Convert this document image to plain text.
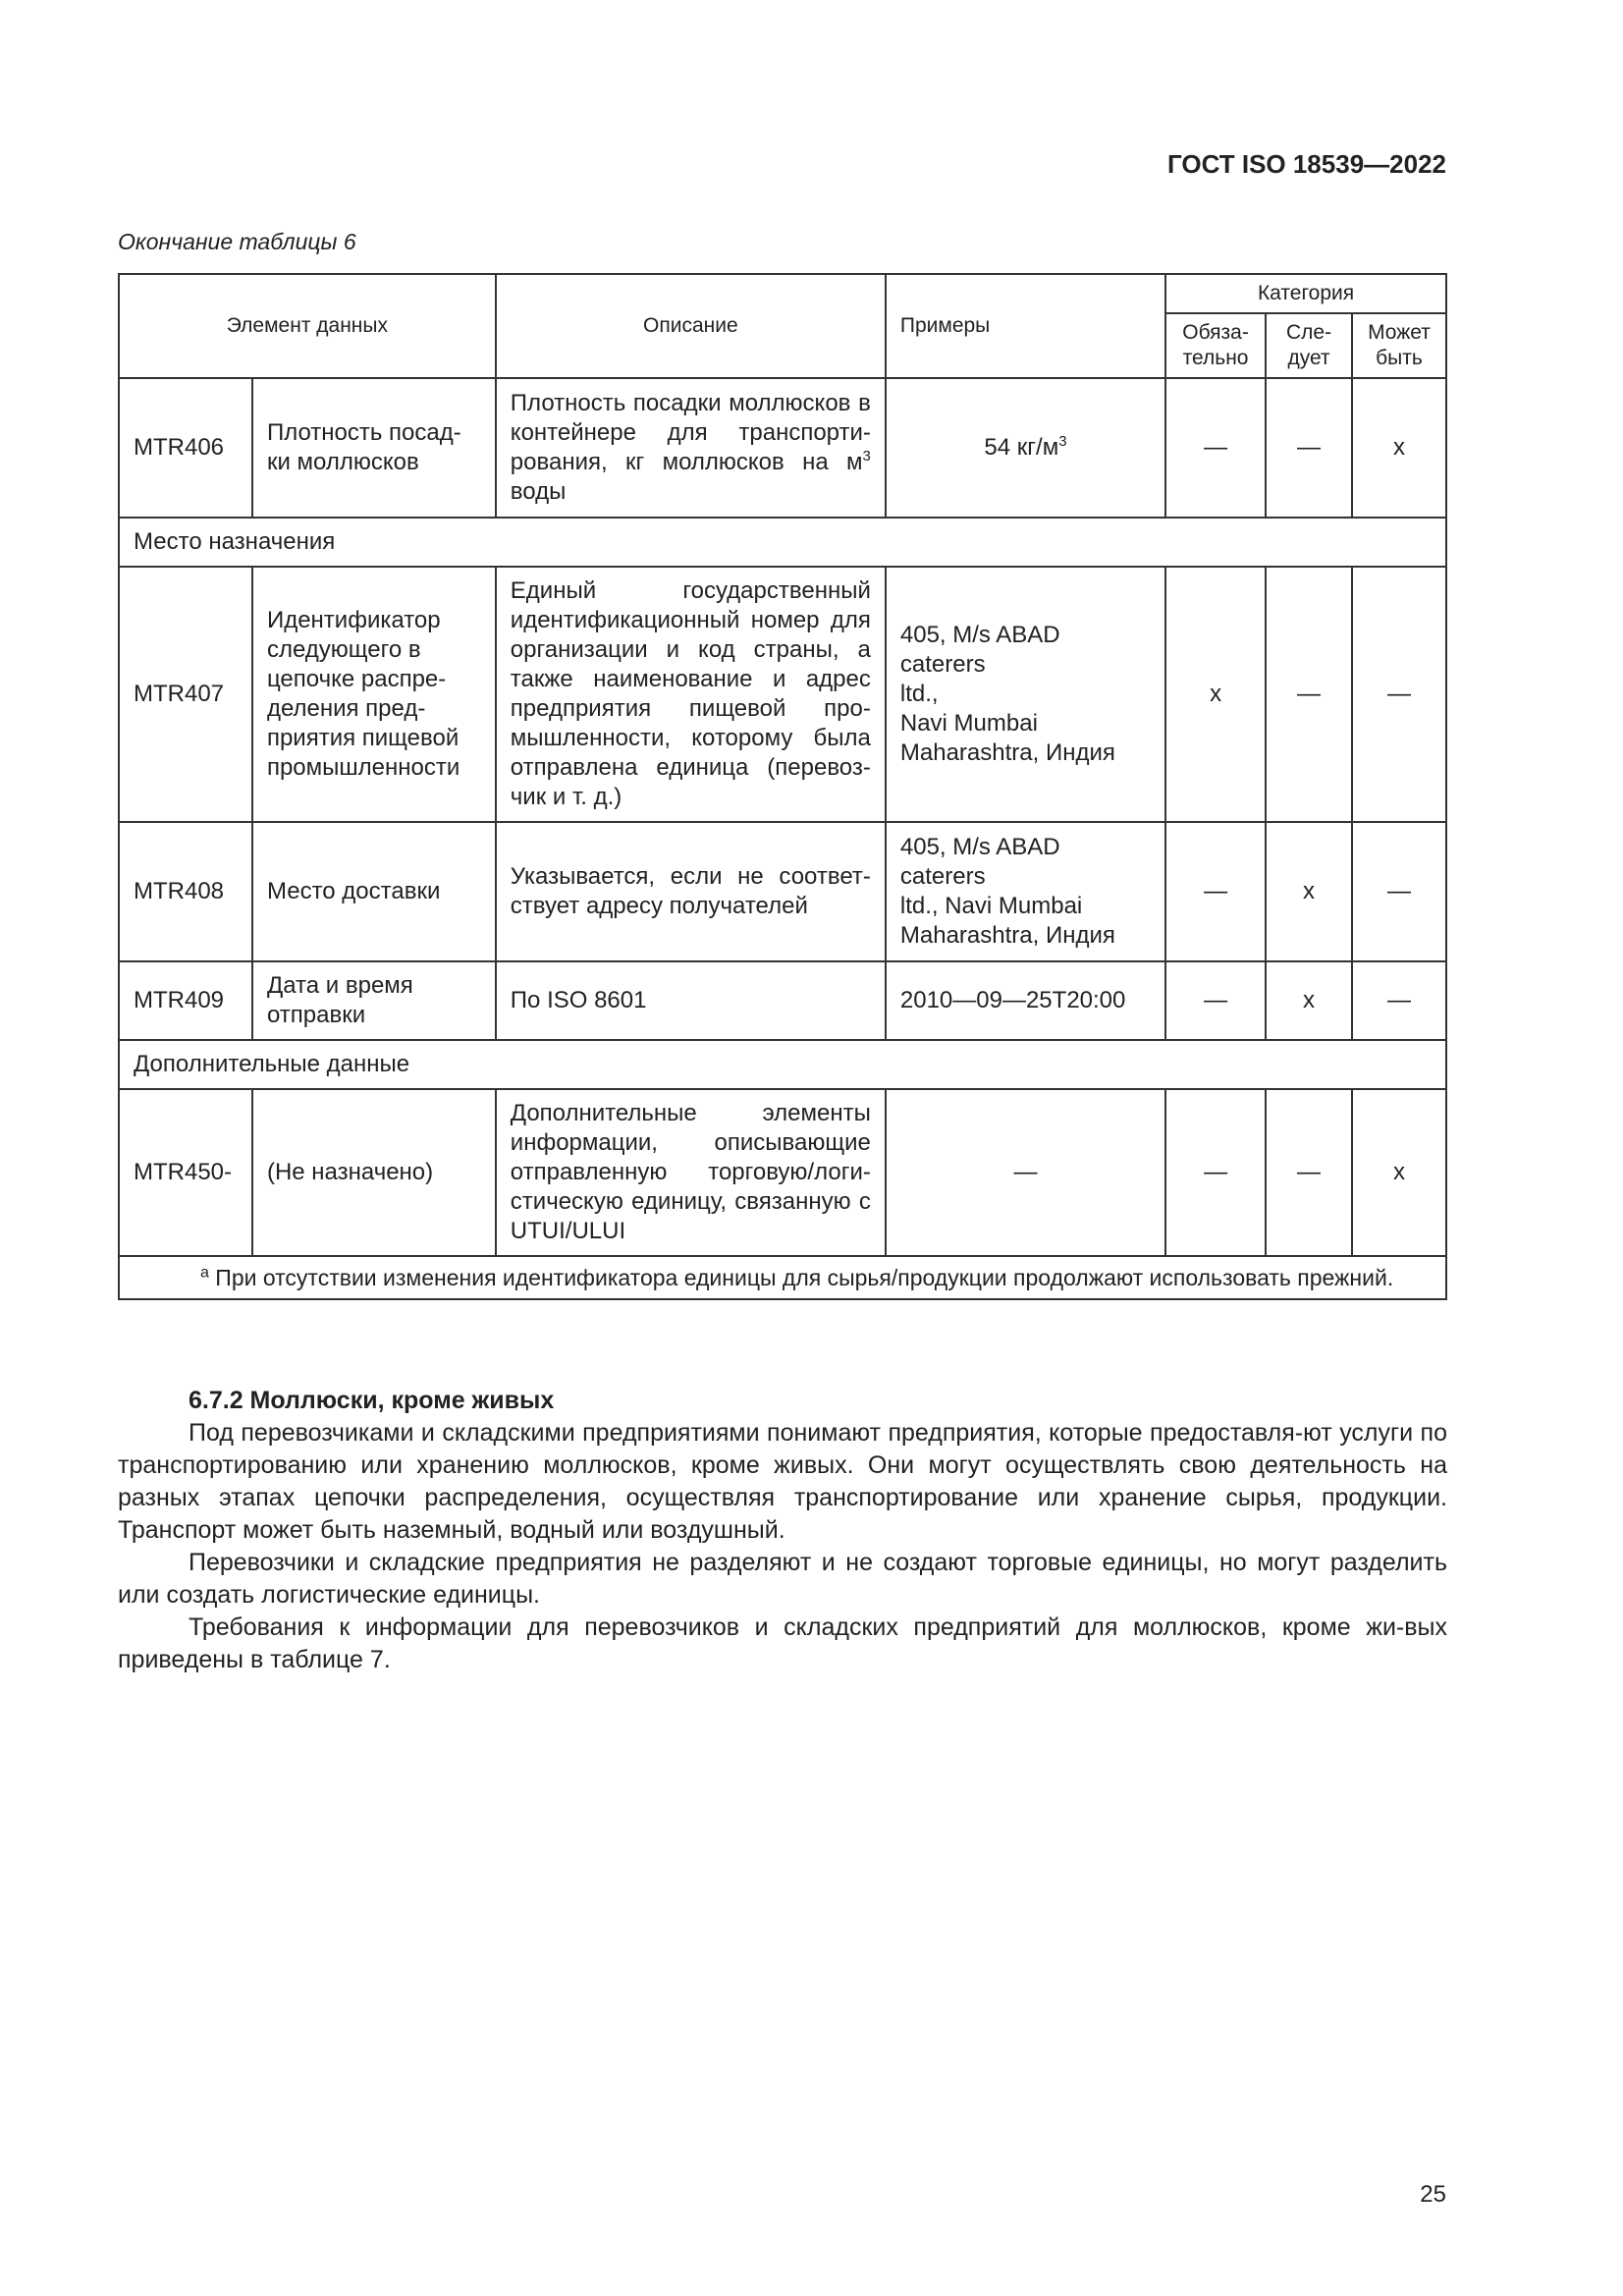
ГОСТ ISO 18539—2022
Окончание таблицы 6
Элемент данных		Описание	Примеры	Категория		
				Обяза-тельно	Сле-дует	Может быть
MTR406	Плотность посад-ки моллюсков	Плотность посадки моллюсков в контейнере для транспорти-рования, кг моллюсков на $м^3$ воды	54 $кг/м^3$	—	—	x
Место назначения						
MTR407	Идентификатор следующего в цепочке распре-деления пред-приятия пищевой промышленности	Единый государственный идентификационный номер для организации и код страны, а также наименование и адрес предприятия пищевой про-мышленности, которому была отправлена единица (перевоз-чик и т. д.)	405, M/s ABAD
caterers
ltd.,
Navi Mumbai
Maharashtra, Индия	x	—	—
MTR408	Место доставки	Указывается, если не соответ-ствует адресу получателей	405, M/s ABAD
caterers
ltd., Navi Mumbai
Maharashtra, Индия	—	x	—
MTR409	Дата и время отправки	По ISO 8601	2010—09—25T20:00	—	x	—
Дополнительные данные						
MTR450-	(Не назначено)	Дополнительные элементы информации, описывающие отправленную торговую/логи-стическую единицу, связанную с UTUI/ULUI	—	—	—	x
$^a$ При отсутствии изменения идентификатора единицы для сырья/продукции продолжают использовать прежний.						
6.7.2 Моллюски, кроме живых

Под перевозчиками и складскими предприятиями понимают предприятия, которые предоставля-ют услуги по транспортированию или хранению моллюсков, кроме живых. Они могут осуществлять свою деятельность на разных этапах цепочки распределения, осуществляя транспортирование или хранение сырья, продукции. Транспорт может быть наземный, водный или воздушный.

Перевозчики и складские предприятия не разделяют и не создают торговые единицы, но могут разделить или создать логистические единицы.

Требования к информации для перевозчиков и складских предприятий для моллюсков, кроме жи-вых приведены в таблице 7.

25
